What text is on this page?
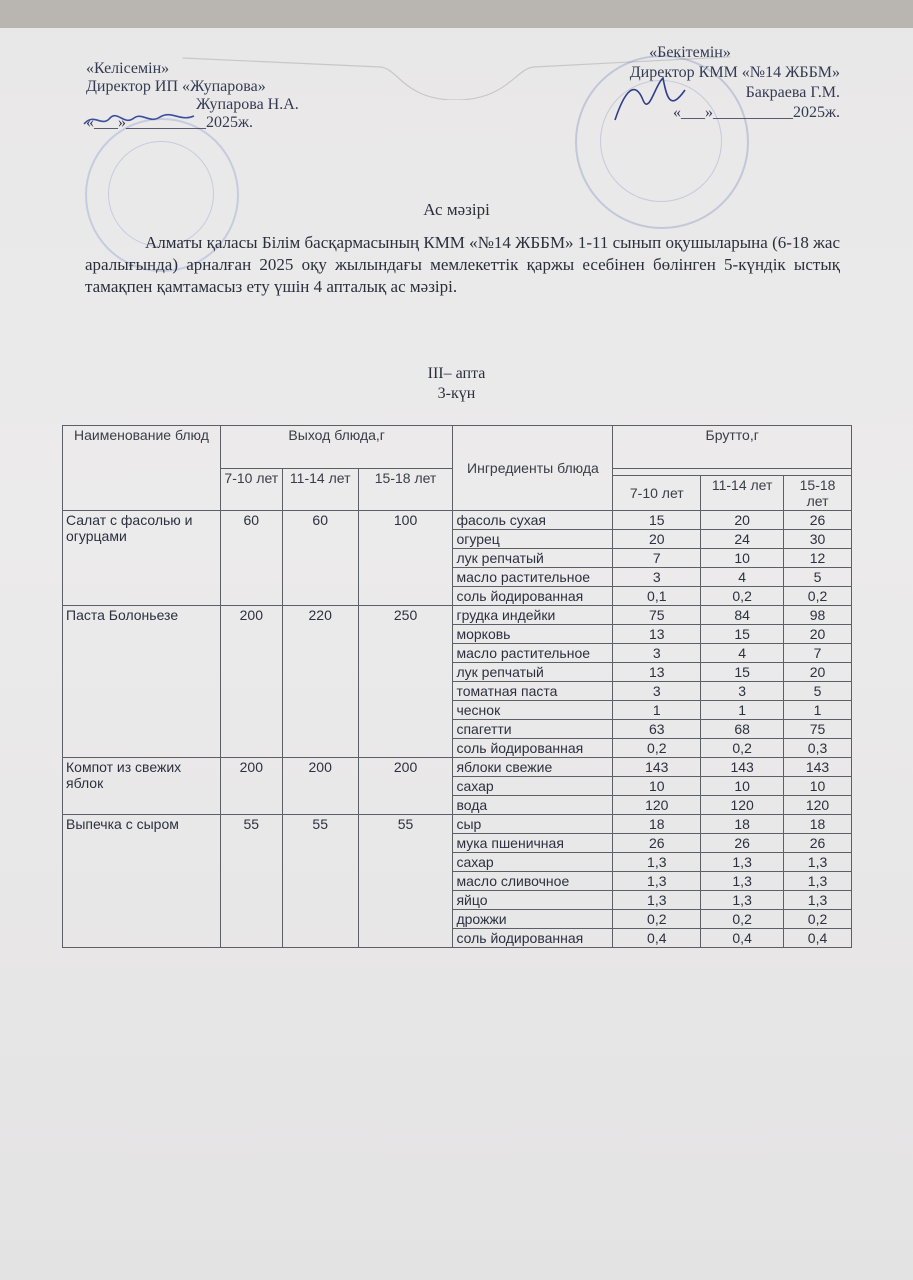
«Келісемін»
Директор ИП «Жупарова»
Жупарова Н.А.
«___»__________2025ж.
«Бекітемін»
Директор КММ «№14 ЖББМ»
Бакраева Г.М.
«___»__________2025ж.
Ас мәзірі
Алматы қаласы Білім басқармасының КММ «№14 ЖББМ» 1-11 сынып оқушыларына (6-18 жас аралығында) арналған 2025 оқу жылындағы мемлекеттік қаржы есебінен бөлінген 5-күндік ыстық тамақпен қамтамасыз ету үшін 4 апталық ас мәзірі.
III– апта
3-күн
Наименование блюд	Выход блюда,г			Ингредиенты блюда	Брутто,г		
	7-10 лет	11-14 лет	15-18 лет				
					7-10 лет	11-14 лет	15-18 лет
Салат с фасолью и огурцами	60	60	100	фасоль сухая	15	20	26
				огурец	20	24	30
				лук репчатый	7	10	12
				масло растительное	3	4	5
				соль йодированная	0,1	0,2	0,2
Паста Болоньезе	200	220	250	грудка индейки	75	84	98
				морковь	13	15	20
				масло растительное	3	4	7
				лук репчатый	13	15	20
				томатная паста	3	3	5
				чеснок	1	1	1
				спагетти	63	68	75
				соль йодированная	0,2	0,2	0,3
Компот из свежих яблок	200	200	200	яблоки свежие	143	143	143
				сахар	10	10	10
				вода	120	120	120
Выпечка с сыром	55	55	55	сыр	18	18	18
				мука пшеничная	26	26	26
				сахар	1,3	1,3	1,3
				масло сливочное	1,3	1,3	1,3
				яйцо	1,3	1,3	1,3
				дрожжи	0,2	0,2	0,2
				соль йодированная	0,4	0,4	0,4
